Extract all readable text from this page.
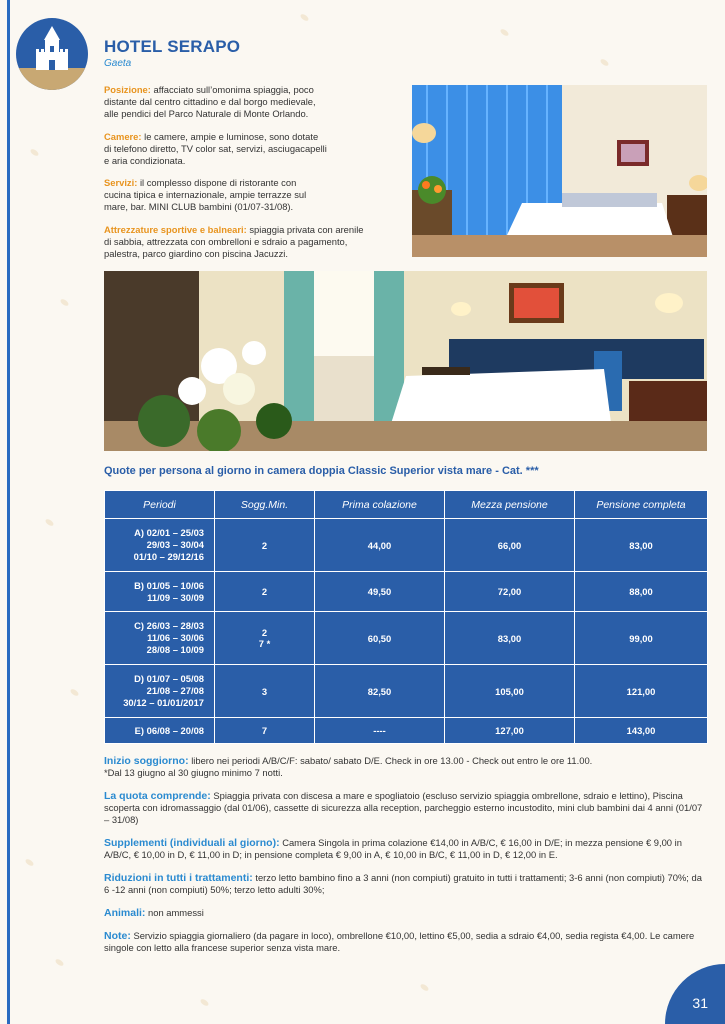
HOTEL SERAPO
Gaeta

Posizione: affacciato sull’omonima spiaggia, poco
distante dal centro cittadino e dal borgo medievale,
alle pendici del Parco Naturale di Monte Orlando.

Camere: le camere, ampie e luminose, sono dotate
di telefono diretto, TV color sat, servizi, asciugacapelli
e aria condizionata.

Servizi: il complesso dispone di ristorante con
cucina tipica e internazionale, ampie terrazze sul
mare, bar. MINI CLUB bambini (01/07-31/08).

Attrezzature sportive e balneari: spiaggia privata con arenile
di sabbia, attrezzata con ombrelloni e sdraio a pagamento,
palestra, parco giardino con piscina Jacuzzi.

Quote per persona al giorno in camera doppia Classic Superior vista mare - Cat. ***
Periodi	Sogg.Min.	Prima colazione	Mezza pensione	Pensione completa

A) 02/01 – 25/03
29/03 – 30/04
01/10 – 29/12/16	2	44,00	66,00	83,00

B) 01/05 – 10/06
11/09 – 30/09	2	49,50	72,00	88,00

C) 26/03 – 28/03
11/06 – 30/06
28/08 – 10/09	2
7 *	60,50	83,00	99,00

D) 01/07 – 05/08
21/08 – 27/08
30/12 – 01/01/2017	3	82,50	105,00	121,00

E) 06/08 – 20/08	7	----	127,00	143,00

Inizio soggiorno: libero nei periodi A/B/C/F: sabato/ sabato D/E. Check in ore 13.00 - Check out entro le ore 11.00.
*Dal 13 giugno al 30 giugno minimo 7 notti.

La quota comprende: Spiaggia privata con discesa a mare e spogliatoio (escluso servizio spiaggia ombrellone, sdraio e lettino), Piscina scoperta con idromassaggio (dal 01/06), cassette di sicurezza alla reception, parcheggio esterno incustodito, mini club bambini dai 4 anni (01/07 – 31/08)

Supplementi (individuali al giorno): Camera Singola in prima colazione €14,00 in A/B/C, € 16,00 in D/E; in mezza pensione € 9,00 in A/B/C, € 10,00 in D, € 11,00 in D; in pensione completa € 9,00 in A, € 10,00 in B/C, € 11,00 in D, € 12,00 in E.

Riduzioni in tutti i trattamenti: terzo letto bambino fino a 3 anni (non compiuti) gratuito in tutti i trattamenti; 3-6 anni (non compiuti) 70%; da 6 -12 anni (non compiuti) 50%; terzo letto adulti 30%;

Animali: non ammessi

Note: Servizio spiaggia giornaliero (da pagare in loco), ombrellone €10,00, lettino €5,00, sedia a sdraio €4,00, sedia regista €4,00. Le camere singole con letto alla francese superior senza vista mare.

31
